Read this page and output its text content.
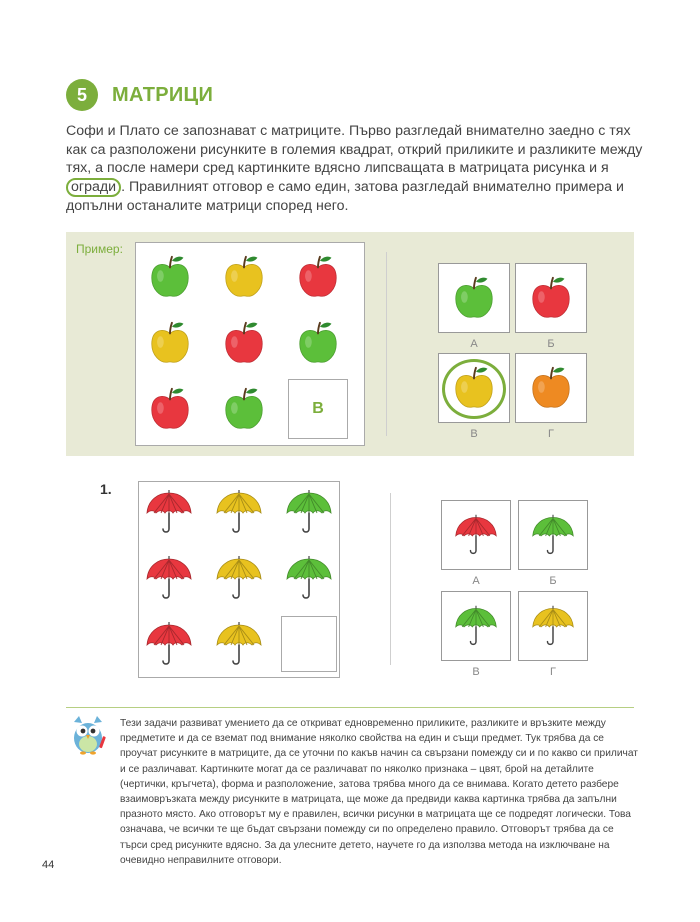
5	МАТРИЦИ

Софи и Плато се запознават с матриците. Първо разгледай внимателно заедно с тях как са разположени рисунките в големия квадрат, открий приликите и разликите между тях, а после намери сред картинките вдясно липсващата в матрицата рисунка и я огради . Правилният отговор е само един, затова разгледай внимателно примера и допълни останалите матрици според него.

Пример:
В
А	Б
В	Г
1.
А	Б
В	Г

Тези задачи развиват умението да се откриват едновременно приликите, разликите и връзките между предметите и да се вземат под внимание няколко свойства на един и същи предмет. Тук трябва да се проучат рисунките в матриците, да се уточни по какъв начин са свързани помежду си и по какво си приличат и се различават. Картинките могат да се различават по няколко признака – цвят, брой на детайлите (чертички, кръгчета), форма и разположение, затова трябва много да се внимава. Когато детето разбере взаимовръзката между рисунките в матрицата, ще може да предвиди каква картинка трябва да запълни празното място. Ако отговорът му е правилен, всички рисунки в матрицата ще се подредят логически. Това означава, че всички те ще бъдат свързани помежду си по определено правило. Отговорът трябва да се търси сред рисунките вдясно. За да улесните детето, научете го да използва метода на изключване на очевидно неправилните отговори.

44
